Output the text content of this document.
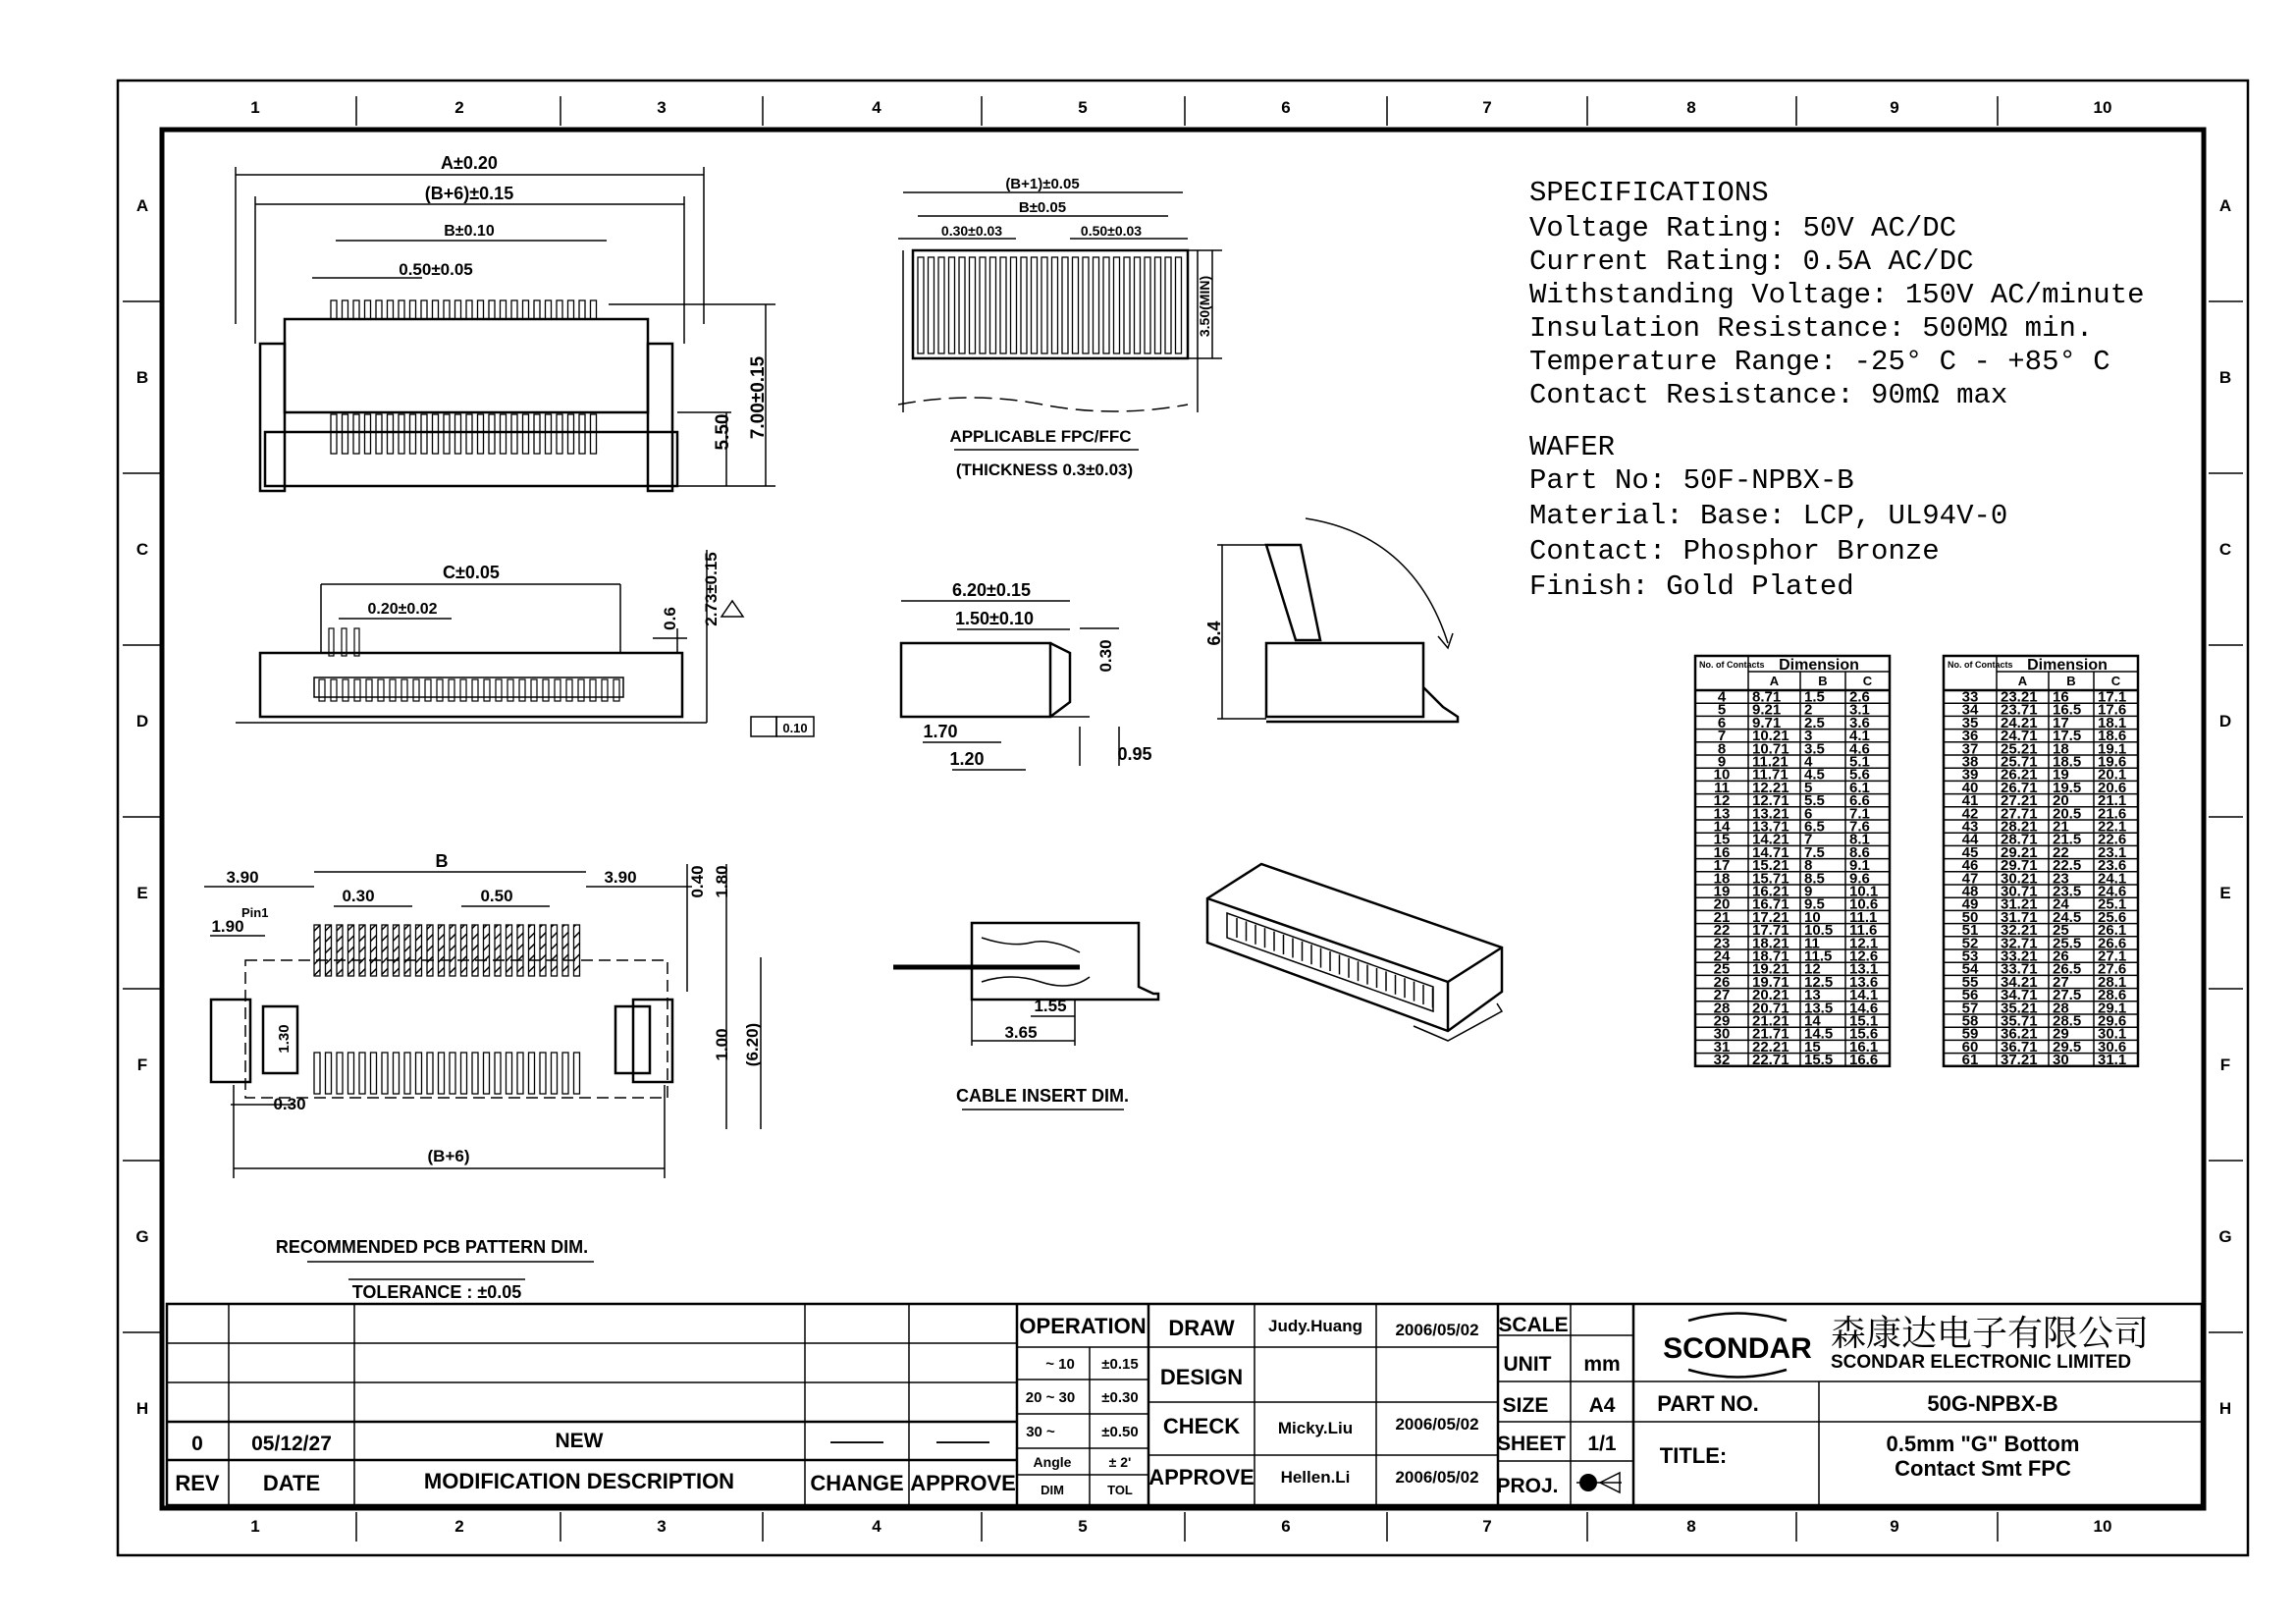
1	2	3	4	5	6	7	8	9	10
1	2	3	4	5	6	7	8	9	10
A
B
C
D
E
F
G
H
A
B
C
D
E
F
G
H
SPECIFICATIONS
Voltage Rating: 50V AC/DC
Current Rating: 0.5A AC/DC
Withstanding Voltage: 150V AC/minute
Insulation Resistance: 500MΩ min.
Temperature Range: -25° C - +85° C
Contact Resistance: 90mΩ max
WAFER
Part No: 50F-NPBX-B
Material: Base: LCP, UL94V-0
Contact: Phosphor Bronze
Finish: Gold Plated
A±0.20
(B+6)±0.15
B±0.10
0.50±0.05
5.50 7.00±0.15
(B+1)±0.05
B±0.05
0.30±0.03	0.50±0.03
3.50(MIN)
APPLICABLE FPC/FFC
(THICKNESS 0.3±0.03)
C±0.05
0.20±0.02	0.6 2.73±0.15
0.10
6.20±0.15
1.50±0.10
0.30
1.70
1.20	0.95
6.4
3.90
B
3.90
0.30	0.50
Pin1
1.90
1.30
0.30
(B+6)
0.40 1.80
1.00 (6.20)
RECOMMENDED PCB PATTERN DIM.
TOLERANCE : ±0.05
1.55
3.65
CABLE INSERT DIM.
No. of Contacts Dimension
A	B	C
4 8.71 1.5 2.6
5 9.21 2	3.1
6 9.71 2.5 3.6
7 10.21 3	4.1
8 10.71 3.5 4.6
9 11.21 4	5.1
10 11.71 4.5 5.6
11 12.21 5	6.1
12 12.71 5.5 6.6
13 13.21 6	7.1
14 13.71 6.5 7.6
15 14.21 7	8.1
16 14.71 7.5 8.6
17 15.21 8	9.1
18 15.71 8.5 9.6
19 16.21 9	10.1
20 16.71 9.5 10.6
21 17.21 10 11.1
22 17.71 10.5 11.6
23 18.21 11 12.1
24 18.71 11.5 12.6
25 19.21 12 13.1
26 19.71 12.5 13.6
27 20.21 13 14.1
28 20.71 13.5 14.6
29 21.21 14 15.1
30 21.71 14.5 15.6
31 22.21 15 16.1
32 22.71 15.5 16.6
No. of Contacts Dimension
A	B	C
33 23.21 16 17.1
34 23.71 16.5 17.6
35 24.21 17 18.1
36 24.71 17.5 18.6
37 25.21 18 19.1
38 25.71 18.5 19.6
39 26.21 19 20.1
40 26.71 19.5 20.6
41 27.21 20 21.1
42 27.71 20.5 21.6
43 28.21 21 22.1
44 28.71 21.5 22.6
45 29.21 22 23.1
46 29.71 22.5 23.6
47 30.21 23 24.1
48 30.71 23.5 24.6
49 31.21 24 25.1
50 31.71 24.5 25.6
51 32.21 25 26.1
52 32.71 25.5 26.6
53 33.21 26 27.1
54 33.71 26.5 27.6
55 34.21 27 28.1
56 34.71 27.5 28.6
57 35.21 28 29.1
58 35.71 28.5 29.6
59 36.21 29 30.1
60 36.71 29.5 30.6
61 37.21 30 31.1
0 05/12/27	NEW	———	———
REV DATE	MODIFICATION DESCRIPTION	CHANGE APPROVE
OPERATION
~ 10 ±0.15
20 ~ 30 ±0.30
30 ~	±0.50
Angle	± 2'
DIM	TOL
DRAW Judy.Huang 2006/05/02
DESIGN
CHECK Micky.Liu	2006/05/02
APPROVE Hellen.Li	2006/05/02
SCALE
UNIT mm
SIZE A4
SHEET 1/1
PROJ.
SCONDAR 森康达电子有限公司
SCONDAR ELECTRONIC LIMITED
PART NO.	50G-NPBX-B
TITLE:	0.5mm "G" Bottom
Contact Smt FPC
